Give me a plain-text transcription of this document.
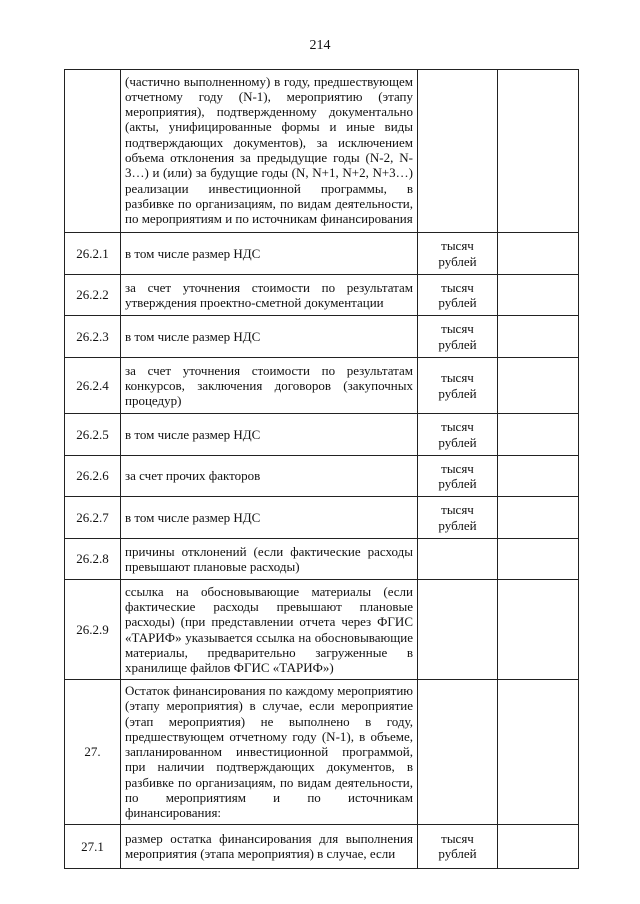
214
	(частично выполненному) в году, предшествующем отчетному году (N-1), мероприятию (этапу мероприятия), подтвержденному документально (акты, унифицированные формы и иные виды подтверждающих документов), за исключением объема отклонения за предыдущие годы (N-2, N-3…) и (или) за будущие годы (N, N+1, N+2, N+3…) реализации инвестиционной программы, в разбивке по организациям, по видам деятельности, по мероприятиям и по источникам финансирования		
26.2.1	в том числе размер НДС	тысяч рублей	
26.2.2	за счет уточнения стоимости по результатам утверждения проектно-сметной документации	тысяч рублей	
26.2.3	в том числе размер НДС	тысяч рублей	
26.2.4	за счет уточнения стоимости по результатам конкурсов, заключения договоров (закупочных процедур)	тысяч рублей	
26.2.5	в том числе размер НДС	тысяч рублей	
26.2.6	за счет прочих факторов	тысяч рублей	
26.2.7	в том числе размер НДС	тысяч рублей	
26.2.8	причины отклонений (если фактические расходы превышают плановые расходы)		
26.2.9	ссылка на обосновывающие материалы (если фактические расходы превышают плановые расходы) (при представлении отчета через ФГИС «ТАРИФ» указывается ссылка на обосновывающие материалы, предварительно загруженные в хранилище файлов ФГИС «ТАРИФ»)		
27.	Остаток финансирования по каждому мероприятию (этапу мероприятия) в случае, если мероприятие (этап мероприятия) не выполнено в году, предшествующем отчетному году (N-1), в объеме, запланированном инвестиционной программой, при наличии подтверждающих документов, в разбивке по организациям, по видам деятельности, по мероприятиям и по источникам финансирования:		
27.1	размер остатка финансирования для выполнения мероприятия (этапа мероприятия) в случае, если	тысяч рублей	
